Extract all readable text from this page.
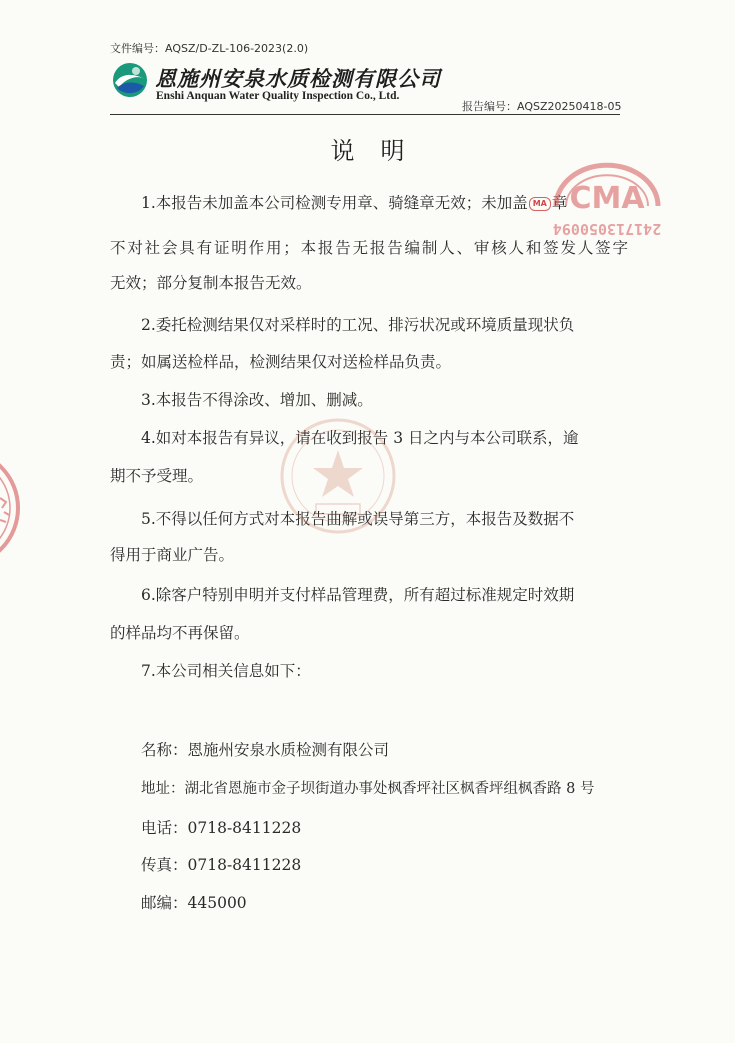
文件编号：AQSZ/D-ZL-106-2023(2.0)
恩施州安泉水质检测有限公司
Enshi Anquan Water Quality Inspection Co., Ltd.
报告编号：AQSZ20250418-05
说明
1.本报告未加盖本公司检测专用章、骑缝章无效；未加盖 MA 章
不对社会具有证明作用；本报告无报告编制人、审核人和签发人签字
无效；部分复制本报告无效。
2.委托检测结果仅对采样时的工况、排污状况或环境质量现状负
责；如属送检样品，检测结果仅对送检样品负责。
3.本报告不得涂改、增加、删减。
4.如对本报告有异议，请在收到报告 3 日之内与本公司联系，逾
期不予受理。
5.不得以任何方式对本报告曲解或误导第三方，本报告及数据不
得用于商业广告。
6.除客户特别申明并支付样品管理费，所有超过标准规定时效期
的样品均不再保留。
7.本公司相关信息如下：
名称：恩施州安泉水质检测有限公司
地址：湖北省恩施市金子坝街道办事处枫香坪社区枫香坪组枫香路 8 号
电话：0718-8411228
传真：0718-8411228
邮编：445000
CMA
241713050094
